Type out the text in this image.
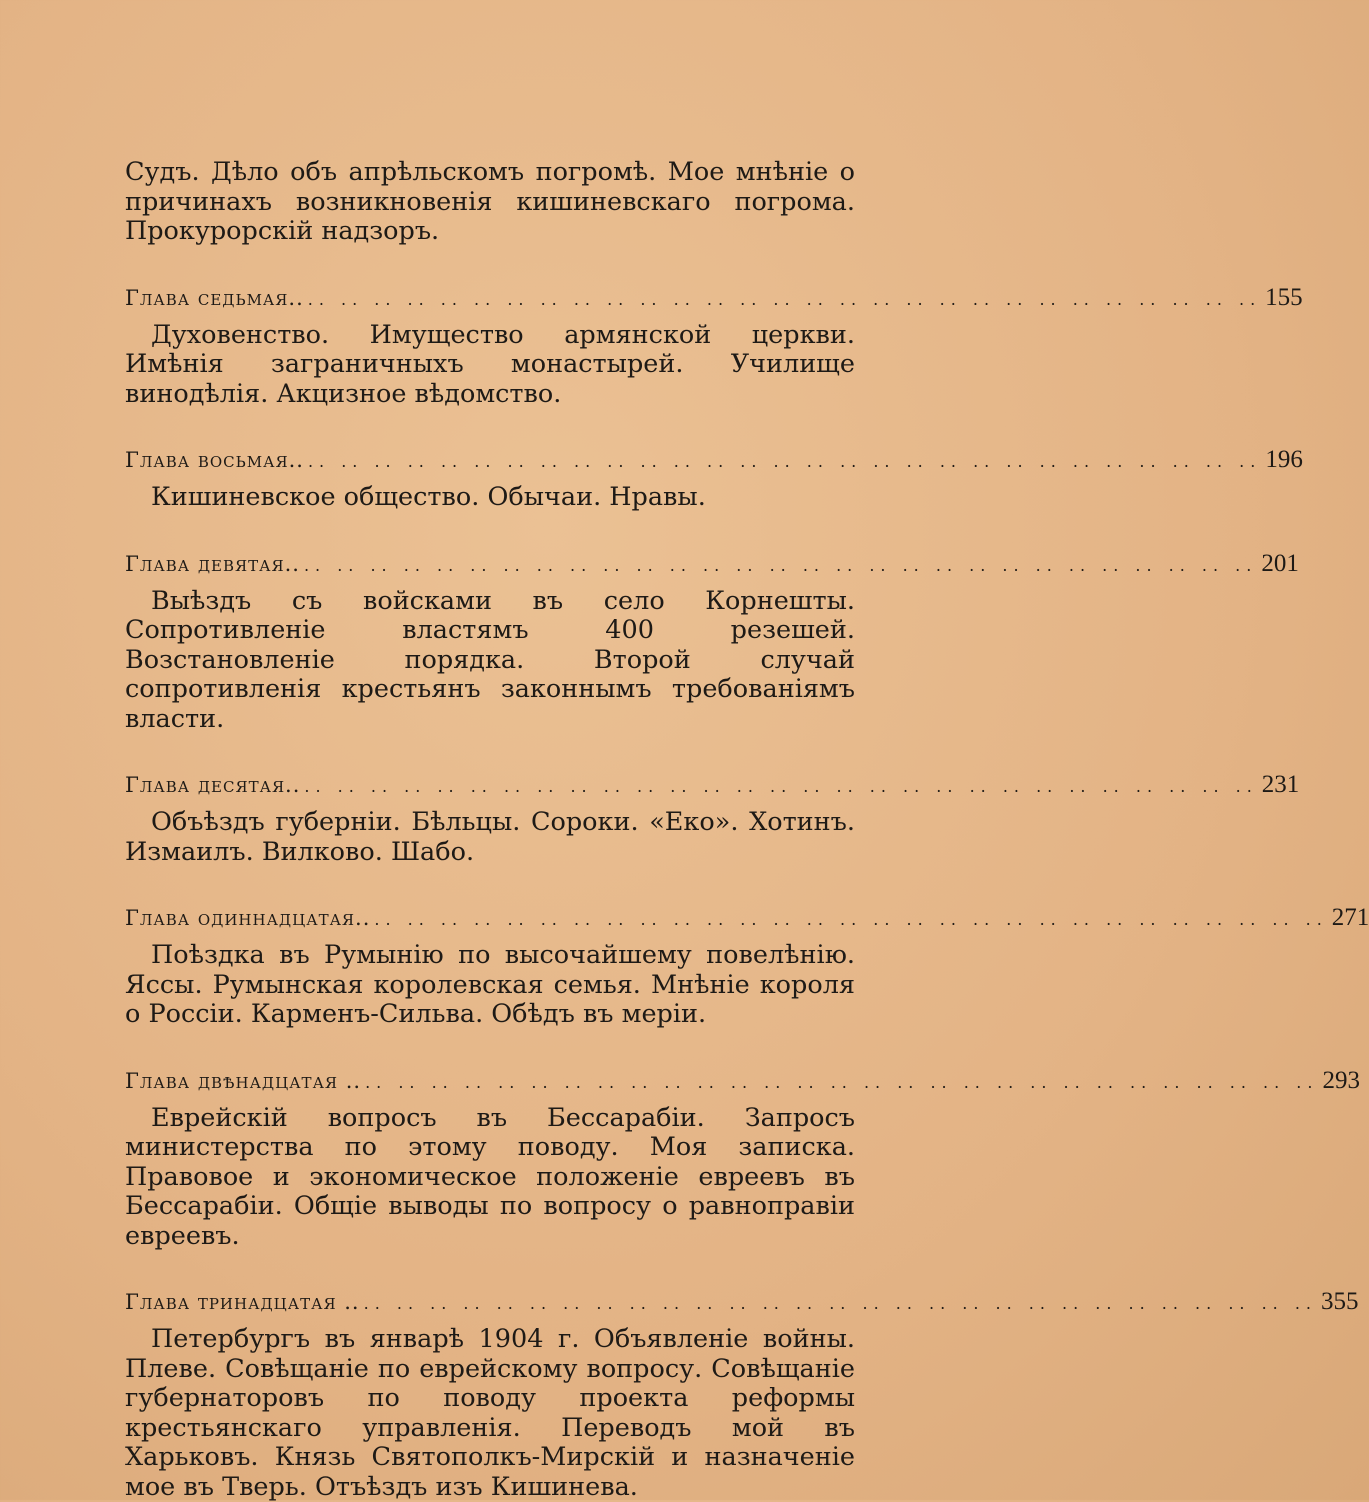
Судъ. Дѣло объ апрѣльскомъ погромѣ. Мое мнѣніе о причинахъ возникновенія кишиневскаго погрома. Прокурорскій надзоръ.

Глава седьмая.. .. .. .. .. .. .. .. .. .. .. .. .. .. .. .. .. .. .. .. .. .. .. .. .. .. .. .. .. .. 155

Духовенство. Имущество армянской церкви. Имѣнія заграничныхъ монастырей. Училище винодѣлія. Акцизное вѣдомство.

Глава восьмая.. .. .. .. .. .. .. .. .. .. .. .. .. .. .. .. .. .. .. .. .. .. .. .. .. .. .. .. .. .. 196

Кишиневское общество. Обычаи. Нравы.

Глава девятая.. .. .. .. .. .. .. .. .. .. .. .. .. .. .. .. .. .. .. .. .. .. .. .. .. .. .. .. .. .. 201

Выѣздъ съ войсками въ село Корнешты. Сопротивленіе властямъ 400 резешей. Возстановленіе порядка. Второй случай сопротивленія крестьянъ законнымъ требованіямъ власти.

Глава десятая.. .. .. .. .. .. .. .. .. .. .. .. .. .. .. .. .. .. .. .. .. .. .. .. .. .. .. .. .. .. 231

Объѣздъ губерніи. Бѣльцы. Сороки. «Еко». Хотинъ. Измаилъ. Вилково. Шабо.

Глава одиннадцатая.. .. .. .. .. .. .. .. .. .. .. .. .. .. .. .. .. .. .. .. .. .. .. .. .. .. .. .. .. .. 271

Поѣздка въ Румынію по высочайшему повелѣнію. Яссы. Румынская королевская семья. Мнѣніе короля о Россіи. Карменъ-Сильва. Обѣдъ въ меріи.

Глава двѣнадцатая .. .. .. .. .. .. .. .. .. .. .. .. .. .. .. .. .. .. .. .. .. .. .. .. .. .. .. .. .. .. 293

Еврейскій вопросъ въ Бессарабіи. Запросъ министерства по этому поводу. Моя записка. Правовое и экономическое положеніе евреевъ въ Бессарабіи. Общіе выводы по вопросу о равноправіи евреевъ.

Глава тринадцатая .. .. .. .. .. .. .. .. .. .. .. .. .. .. .. .. .. .. .. .. .. .. .. .. .. .. .. .. .. .. 355

Петербургъ въ январѣ 1904 г. Объявленіе войны. Плеве. Совѣщаніе по еврейскому вопросу. Совѣщаніе губернаторовъ по поводу проекта реформы крестьянскаго управленія. Переводъ мой въ Харьковъ. Князь Святополкъ-Мирскій и назначеніе мое въ Тверь. Отъѣздъ изъ Кишинева.
